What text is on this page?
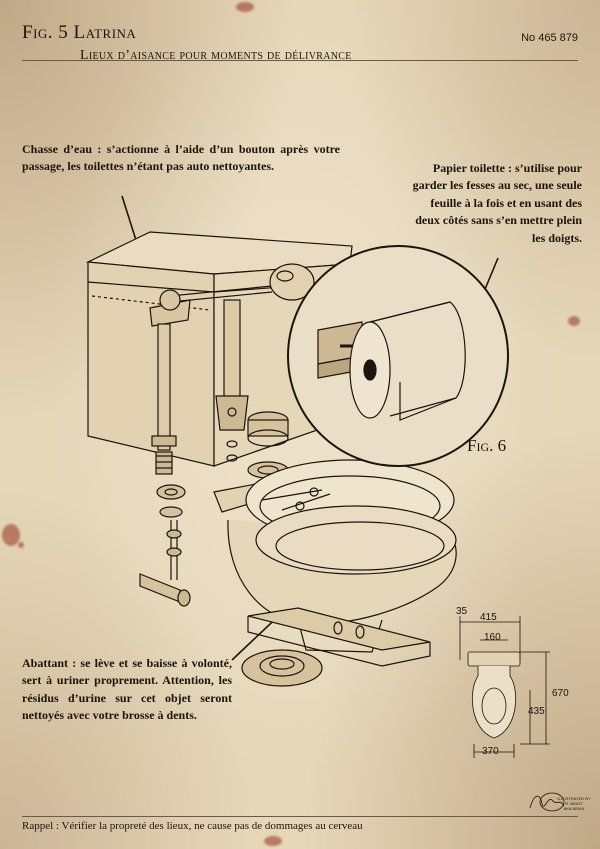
Fig. 5 Latrina
Lieux d’aisance pour moments de délivrance
No 465 879
Chasse d’eau : s’actionne à l’aide d’un bouton après votre passage, les toilettes n’étant pas auto nettoyantes.	Papier toilette : s’utilise pour garder les fesses au sec, une seule feuille à la fois et en usant des deux côtés sans s’en mettre plein les doigts.
Abattant : se lève et se baisse à volonté, sert à uriner proprement. Attention, les résidus d’urine sur cet objet seront nettoyés avec votre brosse à dents.
Fig. 6
35
415
160
670
435
370
Rappel : Vérifier la propreté des lieux, ne cause pas de dommages au cerveau
ILLUSTRATED BY
R. BIGOT
AKA NEIKA
